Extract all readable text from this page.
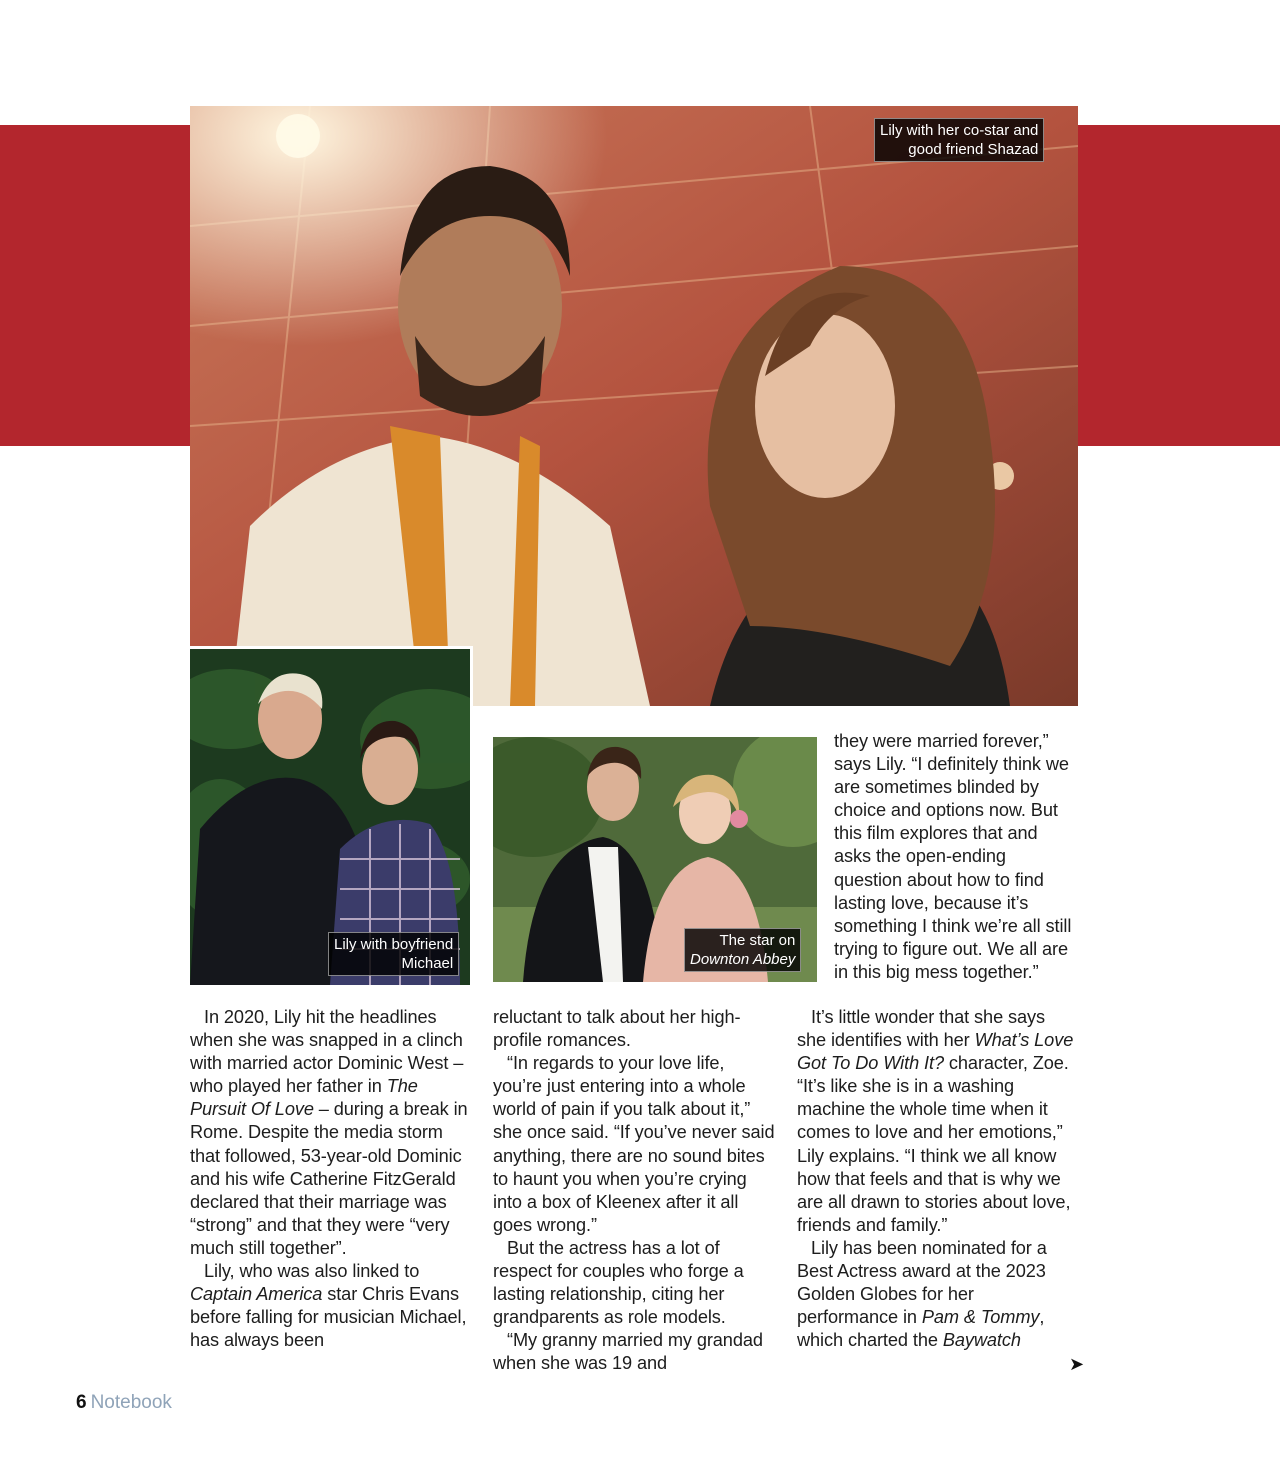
Lily with her co-star and
good friend Shazad
Lily with boyfriend
Michael
The star on
Downton Abbey

In 2020, Lily hit the headlines when she was snapped in a clinch with married actor Dominic West – who played her father in The Pursuit Of Love – during a break in Rome. Despite the media storm that followed, 53-year-old Dominic and his wife Catherine FitzGerald declared that their marriage was “strong” and that they were “very much still together”.

Lily, who was also linked to Captain America star Chris Evans before falling for musician Michael, has always been

reluctant to talk about her high-profile romances.

“In regards to your love life, you’re just entering into a whole world of pain if you talk about it,” she once said. “If you’ve never said anything, there are no sound bites to haunt you when you’re crying into a box of Kleenex after it all goes wrong.”

But the actress has a lot of respect for couples who forge a lasting relationship, citing her grandparents as role models.

“My granny married my grandad when she was 19 and

they were married forever,” says Lily. “I definitely think we are sometimes blinded by choice and options now. But this film explores that and asks the open-ending question about how to find lasting love, because it’s something I think we’re all still trying to figure out. We all are in this big mess together.”

It’s little wonder that she says she identifies with her What’s Love Got To Do With It? character, Zoe. “It’s like she is in a washing machine the whole time when it comes to love and her emotions,” Lily explains. “I think we all know how that feels and that is why we are all drawn to stories about love, friends and family.”

Lily has been nominated for a Best Actress award at the 2023 Golden Globes for her performance in Pam & Tommy, which charted the Baywatch

➤
6 Notebook
